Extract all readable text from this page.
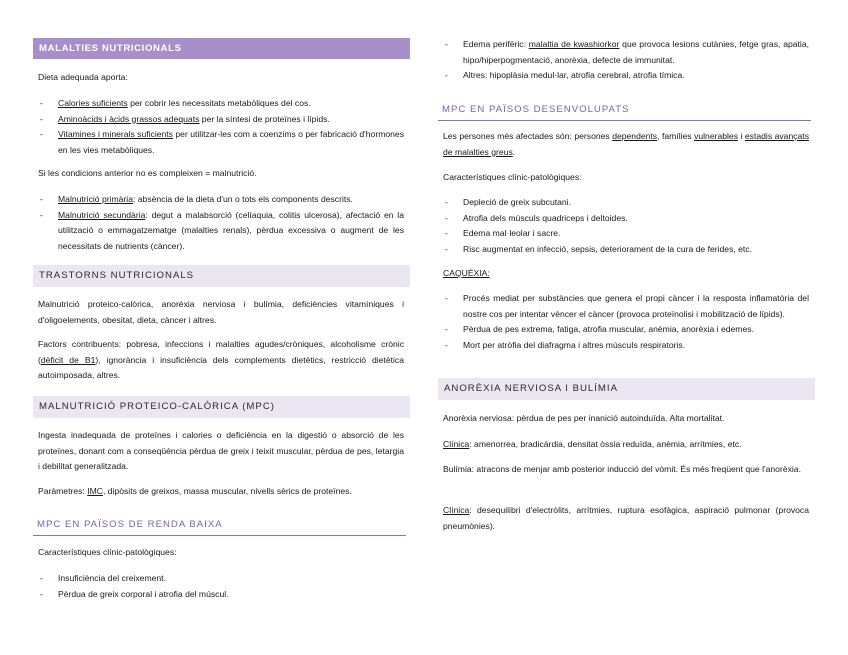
MALALTIES NUTRICIONALS

Dieta adequada aporta:

- Calories suficients per cobrir les necessitats metabòliques del cos.
- Aminoàcids i àcids grassos adequats per la síntesi de proteïnes i lípids.
- Vitamines i minerals suficients per utilitzar-les com a coenzims o per fabricació d'hormones en les vies metabòliques.

Si les condicions anterior no es compleixen = malnutrició.

- Malnutrició primària: absència de la dieta d'un o tots els components descrits.
- Malnutrició secundària: degut a malabsorció (celíaquia, colitis ulcerosa), afectació en la utilització o emmagatzematge (malalties renals), pèrdua excessiva o augment de les necessitats de nutrients (càncer).
TRASTORNS NUTRICIONALS

Malnutrició proteico-calòrica, anorèxia nerviosa i bulímia, deficiències vitamíniques i d'oligoelements, obesitat, dieta, càncer i altres.

Factors contribuents: pobresa, infeccions i malalties agudes/cròniques, alcoholisme crònic (dèficit de B1), ignorància i insuficiència dels complements dietètics, restricció dietètica autoimposada, altres.

MALNUTRICIÓ PROTEICO-CALÒRICA (MPC)

Ingesta inadequada de proteïnes i calories o deficiència en la digestió o absorció de les proteïnes, donant com a conseqüència pèrdua de greix i teixit muscular, pèrdua de pes, letargia i debilitat generalitzada.

Paràmetres: IMC, dipòsits de greixos, massa muscular, nivells sèrics de proteïnes.

MPC EN PAÏSOS DE RENDA BAIXA

Característiques clínic-patològiques:

- Insuficiència del creixement.
- Pèrdua de greix corporal i atrofia del múscul.
- Edema perifèric: malaltia de kwashiorkor que provoca lesions cutànies, fetge gras, apatia, hipo/hiperpogmentació, anorèxia, defecte de immunitat.
- Altres: hipoplàsia medul·lar, atrofia cerebral, atrofia tímica.
MPC EN PAÏSOS DESENVOLUPATS

Les persones més afectades són: persones dependents, famílies vulnerables i estadis avançats de malalties greus.

Característiques clínic-patològiques:

- Depleció de greix subcutani.
- Atrofia dels músculs quadriceps i deltoides.
- Edema mal·leolar i sacre.
- Risc augmentat en infecció, sepsis, deteriorament de la cura de ferides, etc.

CAQUÈXIA:

- Procés mediat per substàncies que genera el propi càncer i la resposta inflamatòria del nostre cos per intentar vèncer el càncer (provoca proteïnolisi i mobilització de lípids).
- Pèrdua de pes extrema, fatiga, atrofia muscular, anèmia, anorèxia i edemes.
- Mort per atròfia del diafragma i altres múscuIs respiratoris.
ANORÈXIA NERVIOSA I BULÍMIA

Anorèxia nerviosa: pèrdua de pes per inanició autoinduïda. Alta mortalitat.

Clínica: amenorrea, bradicàrdia, densitat òssia reduïda, anèmia, arrítmies, etc.

Bulímia: atracons de menjar amb posterior inducció del vòmit. És més freqüent que l'anorèxia.

Clínica: desequilibri d'electròlits, arrítmies, ruptura esofàgica, aspiració pulmonar (provoca pneumònies).
